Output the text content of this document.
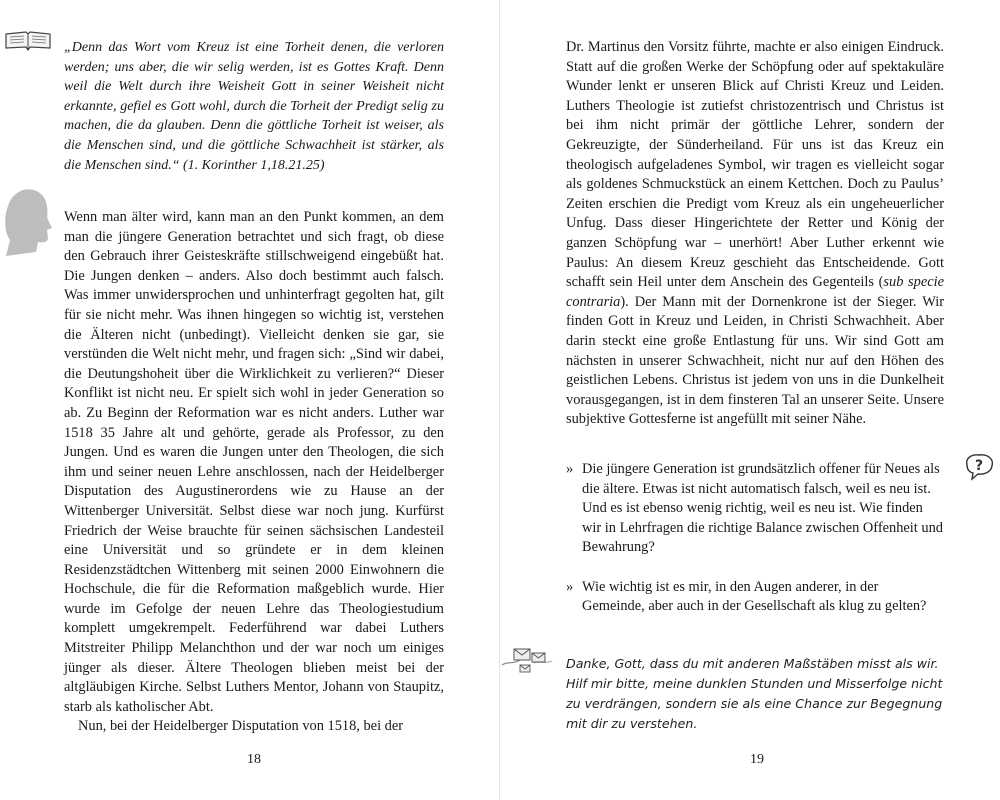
„Denn das Wort vom Kreuz ist eine Torheit denen, die verloren werden; uns aber, die wir selig werden, ist es Gottes Kraft. Denn weil die Welt durch ihre Weisheit Gott in seiner Weisheit nicht erkannte, gefiel es Gott wohl, durch die Torheit der Predigt selig zu machen, die da glauben. Denn die göttliche Torheit ist weiser, als die Menschen sind, und die göttliche Schwachheit ist stärker, als die Menschen sind.“ (1. Korinther 1,18.21.25)

Wenn man älter wird, kann man an den Punkt kommen, an dem man die jüngere Generation betrachtet und sich fragt, ob diese den Gebrauch ihrer Geisteskräfte stillschweigend eingebüßt hat. Die Jungen denken – anders. Also doch bestimmt auch falsch. Was immer unwidersprochen und unhinterfragt gegolten hat, gilt für sie nicht mehr. Was ihnen hingegen so wichtig ist, verstehen die Älteren nicht (unbedingt). Vielleicht denken sie gar, sie verstünden die Welt nicht mehr, und fragen sich: „Sind wir dabei, die Deutungshoheit über die Wirklichkeit zu verlieren?“ Dieser Konflikt ist nicht neu. Er spielt sich wohl in jeder Generation so ab. Zu Beginn der Reformation war es nicht anders. Luther war 1518 35 Jahre alt und gehörte, gerade als Professor, zu den Jungen. Und es waren die Jungen unter den Theologen, die sich ihm und seiner neuen Lehre anschlossen, nach der Heidelberger Disputation des Augustinerordens wie zu Hause an der Wittenberger Universität. Selbst diese war noch jung. Kurfürst Friedrich der Weise brauchte für seinen sächsischen Landesteil eine Universität und so gründete er in dem kleinen Residenzstädtchen Wittenberg mit seinen 2000 Einwohnern die Hochschule, die für die Reformation maßgeblich wurde. Hier wurde im Gefolge der neuen Lehre das Theologiestudium komplett umgekrempelt. Federführend war dabei Luthers Mitstreiter Philipp Melanchthon und der war noch um einiges jünger als dieser. Ältere Theologen blieben meist bei der altgläubigen Kirche. Selbst Luthers Mentor, Johann von Staupitz, starb als katholischer Abt.

Nun, bei der Heidelberger Disputation von 1518, bei der

18

Dr. Martinus den Vorsitz führte, machte er also einigen Eindruck. Statt auf die großen Werke der Schöpfung oder auf spektakuläre Wunder lenkt er unseren Blick auf Christi Kreuz und Leiden. Luthers Theologie ist zutiefst christozentrisch und Christus ist bei ihm nicht primär der göttliche Lehrer, sondern der Gekreuzigte, der Sünderheiland. Für uns ist das Kreuz ein theologisch aufgeladenes Symbol, wir tragen es vielleicht sogar als goldenes Schmuckstück an einem Kettchen. Doch zu Paulus’ Zeiten erschien die Predigt vom Kreuz als ein ungeheuerlicher Unfug. Dass dieser Hingerichtete der Retter und König der ganzen Schöpfung war – unerhört! Aber Luther erkennt wie Paulus: An diesem Kreuz geschieht das Entscheidende. Gott schafft sein Heil unter dem Anschein des Gegenteils (sub specie contraria). Der Mann mit der Dornenkrone ist der Sieger. Wir finden Gott in Kreuz und Leiden, in Christi Schwachheit. Aber darin steckt eine große Entlastung für uns. Wir sind Gott am nächsten in unserer Schwachheit, nicht nur auf den Höhen des geistlichen Lebens. Christus ist jedem von uns in die Dunkelheit vorausgegangen, ist in dem finsteren Tal an unserer Seite. Unsere subjektive Gottesferne ist angefüllt mit seiner Nähe.

?
» Die jüngere Generation ist grundsätzlich offener für Neues als die ältere. Etwas ist nicht automatisch falsch, weil es neu ist. Und es ist ebenso wenig richtig, weil es neu ist. Wie finden wir in Lehrfragen die richtige Balance zwischen Offenheit und Bewahrung?
» Wie wichtig ist es mir, in den Augen anderer, in der Gemeinde, aber auch in der Gesellschaft als klug zu gelten?
Danke, Gott, dass du mit anderen Maßstäben misst als wir. Hilf mir bitte, meine dunklen Stunden und Misserfolge nicht zu verdrängen, sondern sie als eine Chance zur Begegnung mit dir zu verstehen.
19
